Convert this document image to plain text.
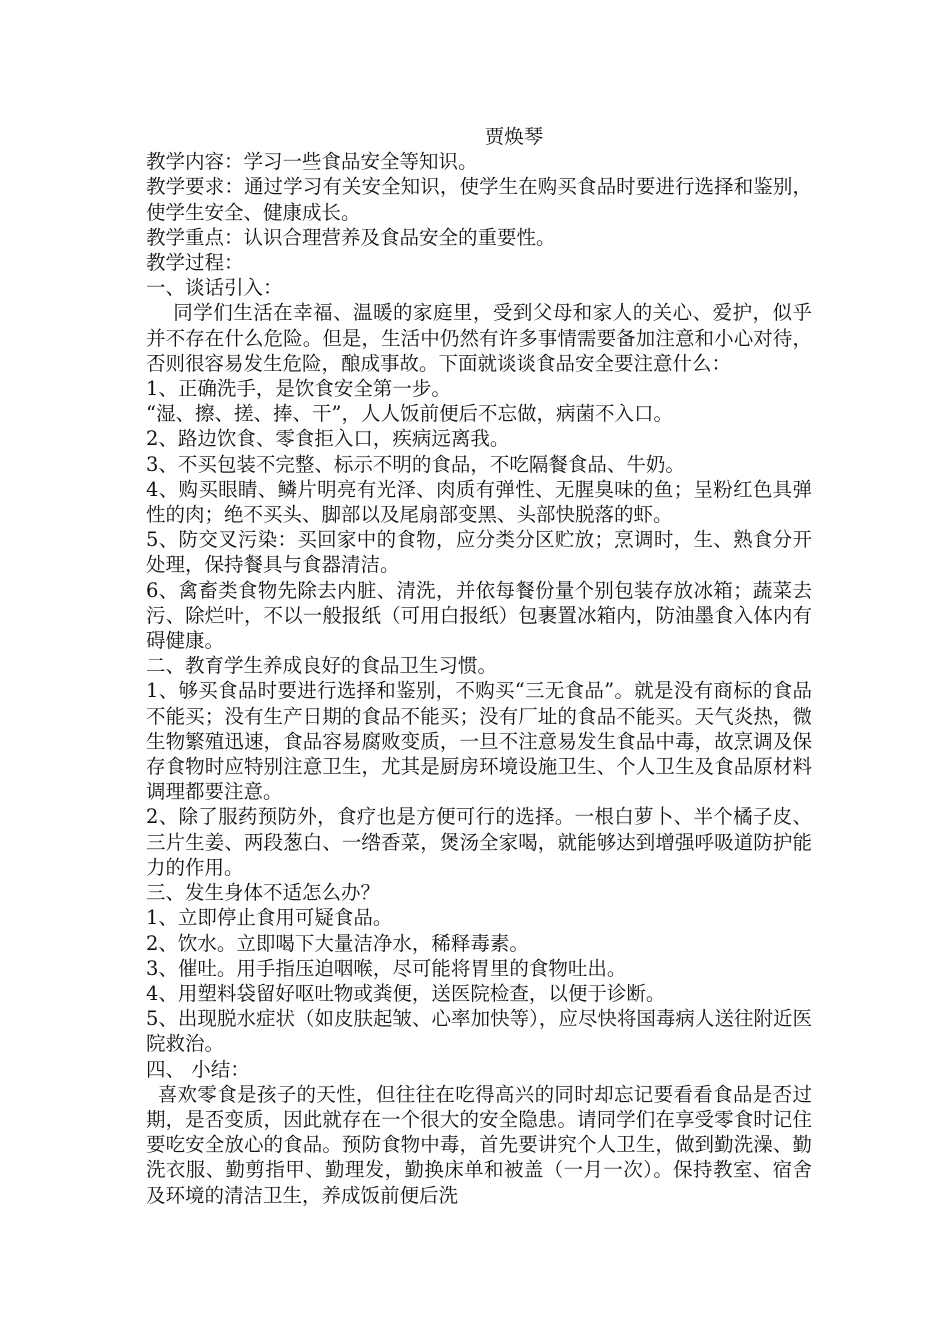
贾焕琴

教学内容：学习一些食品安全等知识。

教学要求：通过学习有关安全知识，使学生在购买食品时要进行选择和鉴别，使学生安全、健康成长。

教学重点：认识合理营养及食品安全的重要性。

教学过程：

一、谈话引入：

同学们生活在幸福、温暖的家庭里，受到父母和家人的关心、爱护，似乎并不存在什么危险。但是，生活中仍然有许多事情需要备加注意和小心对待，否则很容易发生危险，酿成事故。下面就谈谈食品安全要注意什么：

1、正确洗手，是饮食安全第一步。

“湿、擦、搓、捧、干”，人人饭前便后不忘做，病菌不入口。

2、路边饮食、零食拒入口，疾病远离我。

3、不买包装不完整、标示不明的食品，不吃隔餐食品、牛奶。

4、购买眼睛、鳞片明亮有光泽、肉质有弹性、无腥臭味的鱼；呈粉红色具弹性的肉；绝不买头、脚部以及尾扇部变黑、头部快脱落的虾。

5、防交叉污染：买回家中的食物，应分类分区贮放；烹调时，生、熟食分开处理，保持餐具与食器清洁。

6、禽畜类食物先除去内脏、清洗，并依每餐份量个别包装存放冰箱；蔬菜去污、除烂叶，不以一般报纸（可用白报纸）包裹置冰箱内，防油墨食入体内有碍健康。

二、教育学生养成良好的食品卫生习惯。

1、够买食品时要进行选择和鉴别，不购买“三无食品”。就是没有商标的食品不能买；没有生产日期的食品不能买；没有厂址的食品不能买。天气炎热，微生物繁殖迅速，食品容易腐败变质，一旦不注意易发生食品中毒，故烹调及保存食物时应特别注意卫生，尤其是厨房环境设施卫生、个人卫生及食品原材料调理都要注意。

2、除了服药预防外，食疗也是方便可行的选择。一根白萝卜、半个橘子皮、三片生姜、两段葱白、一绺香菜，煲汤全家喝，就能够达到增强呼吸道防护能力的作用。

三、发生身体不适怎么办？

1、立即停止食用可疑食品。

2、饮水。立即喝下大量洁净水，稀释毒素。

3、催吐。用手指压迫咽喉，尽可能将胃里的食物吐出。

4、用塑料袋留好呕吐物或粪便，送医院检查，以便于诊断。

5、出现脱水症状（如皮肤起皱、心率加快等），应尽快将国毒病人送往附近医院救治。

四、 小结：

喜欢零食是孩子的天性，但往往在吃得高兴的同时却忘记要看看食品是否过期，是否变质，因此就存在一个很大的安全隐患。请同学们在享受零食时记住要吃安全放心的食品。预防食物中毒，首先要讲究个人卫生，做到勤洗澡、勤洗衣服、勤剪指甲、勤理发，勤换床单和被盖（一月一次）。保持教室、宿舍及环境的清洁卫生，养成饭前便后洗
